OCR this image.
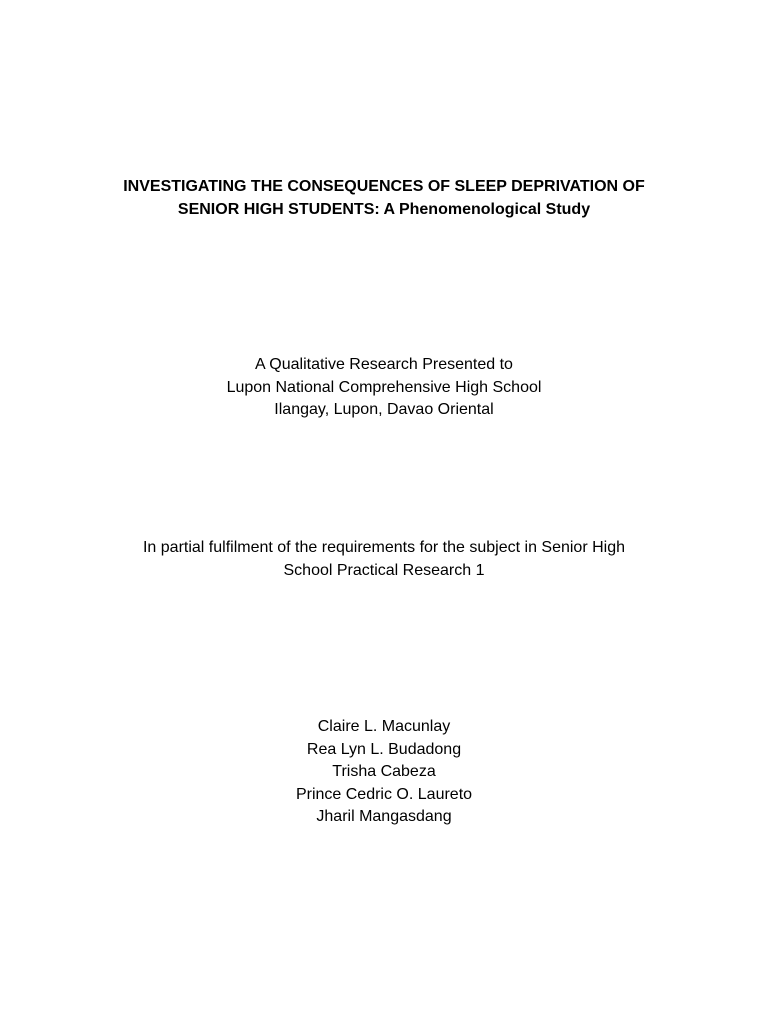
INVESTIGATING THE CONSEQUENCES OF SLEEP DEPRIVATION OF
SENIOR HIGH STUDENTS: A Phenomenological Study
A Qualitative Research Presented to
Lupon National Comprehensive High School
Ilangay, Lupon, Davao Oriental
In partial fulfilment of the requirements for the subject in Senior High
School Practical Research 1
Claire L. Macunlay
Rea Lyn L. Budadong
Trisha Cabeza
Prince Cedric O. Laureto
Jharil Mangasdang
